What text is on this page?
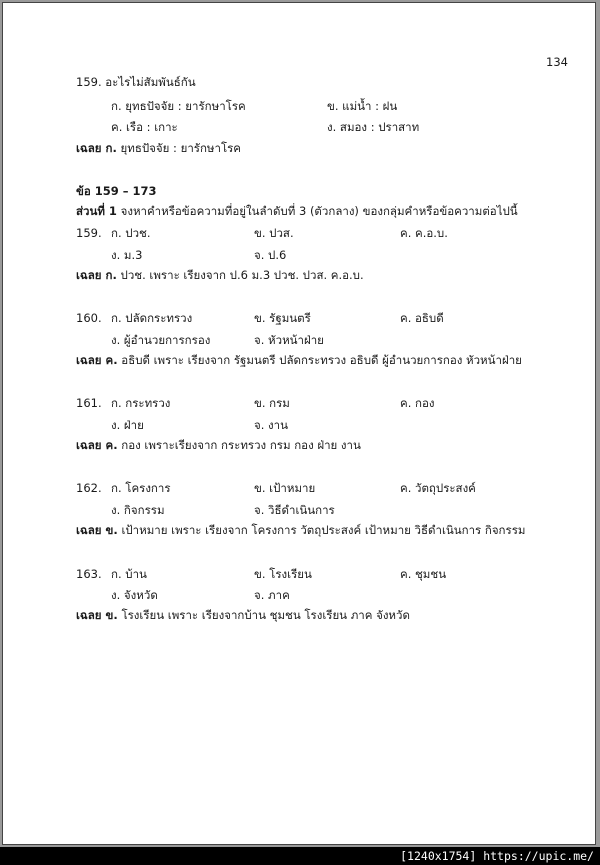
134
159. อะไรไม่สัมพันธ์กัน
ก. ยุทธปัจจัย : ยารักษาโรค	ข. แม่น้ำ : ฝน
ค. เรือ : เกาะ	ง. สมอง : ปราสาท
เฉลย ก. ยุทธปัจจัย : ยารักษาโรค
ข้อ 159 – 173
ส่วนที่ 1 จงหาคำหรือข้อความที่อยู่ในลำดับที่ 3 (ตัวกลาง) ของกลุ่มคำหรือข้อความต่อไปนี้
159. ก. ปวช.	ข. ปวส.	ค. ค.อ.บ.
ง. ม.3	จ. ป.6
เฉลย ก. ปวช. เพราะ เรียงจาก ป.6 ม.3 ปวช. ปวส. ค.อ.บ.
160. ก. ปลัดกระทรวง	ข. รัฐมนตรี	ค. อธิบดี
ง. ผู้อำนวยการกรอง	จ. หัวหน้าฝ่าย
เฉลย ค. อธิบดี เพราะ เรียงจาก รัฐมนตรี ปลัดกระทรวง อธิบดี ผู้อำนวยการกอง หัวหน้าฝ่าย
161. ก. กระทรวง	ข. กรม	ค. กอง
ง. ฝ่าย	จ. งาน
เฉลย ค. กอง เพราะเรียงจาก กระทรวง กรม กอง ฝ่าย งาน
162. ก. โครงการ	ข. เป้าหมาย	ค. วัตถุประสงค์
ง. กิจกรรม	จ. วิธีดำเนินการ
เฉลย ข. เป้าหมาย เพราะ เรียงจาก โครงการ วัตถุประสงค์ เป้าหมาย วิธีดำเนินการ กิจกรรม
163. ก. บ้าน	ข. โรงเรียน	ค. ชุมชน
ง. จังหวัด	จ. ภาค
เฉลย ข. โรงเรียน เพราะ เรียงจากบ้าน ชุมชน โรงเรียน ภาค จังหวัด
[1240x1754] https://upic.me/
